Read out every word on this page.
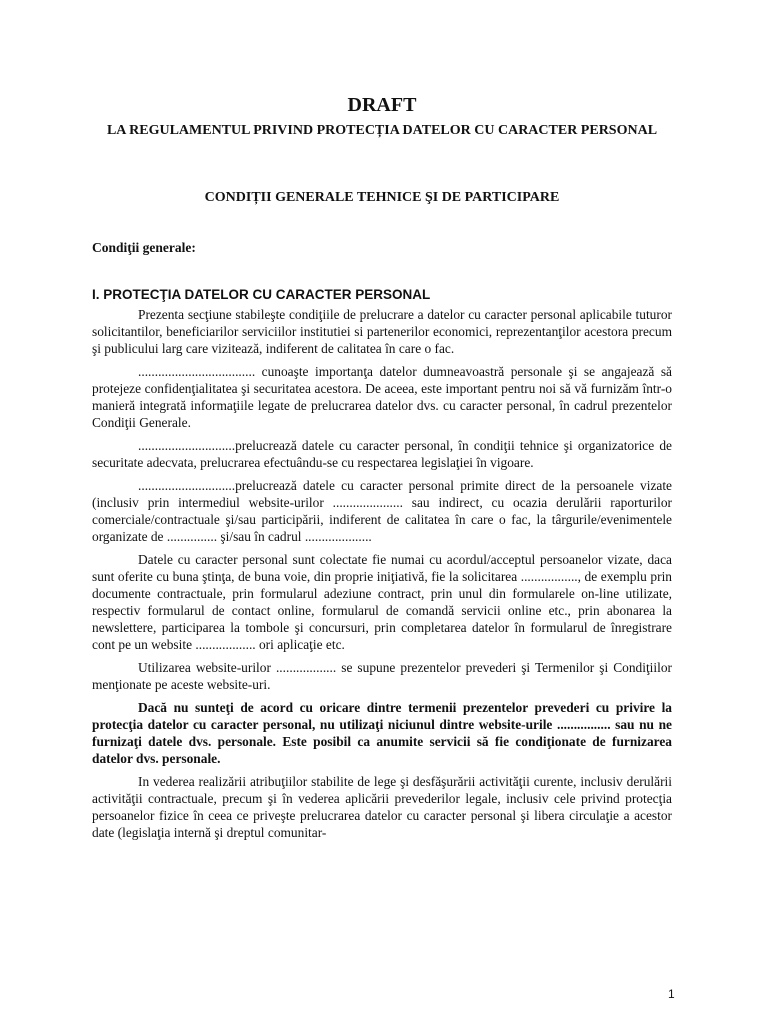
DRAFT
LA REGULAMENTUL PRIVIND PROTECȚIA DATELOR CU CARACTER PERSONAL
CONDIȚII GENERALE TEHNICE ŞI DE PARTICIPARE
Condiţii generale:
I. PROTECŢIA DATELOR CU CARACTER PERSONAL

Prezenta secţiune stabileşte condiţiile de prelucrare a datelor cu caracter personal aplicabile tuturor solicitantilor, beneficiarilor serviciilor institutiei si partenerilor economici, reprezentanţilor acestora precum şi publicului larg care vizitează, indiferent de calitatea în care o fac.

................................... cunoaşte importanţa datelor dumneavoastră personale şi se angajează să protejeze confidenţialitatea şi securitatea acestora. De aceea, este important pentru noi să vă furnizăm într-o manieră integrată informaţiile legate de prelucrarea datelor dvs. cu caracter personal, în cadrul prezentelor Condiţii Generale.

.............................prelucrează datele cu caracter personal, în condiţii tehnice şi organizatorice de securitate adecvata, prelucrarea efectuându-se cu respectarea legislaţiei în vigoare.

.............................prelucrează datele cu caracter personal primite direct de la persoanele vizate (inclusiv prin intermediul website-urilor ..................... sau indirect, cu ocazia derulării raporturilor comerciale/contractuale şi/sau participării, indiferent de calitatea în care o fac, la târgurile/evenimentele organizate de ............... şi/sau în cadrul ....................

Datele cu caracter personal sunt colectate fie numai cu acordul/acceptul persoanelor vizate, daca sunt oferite cu buna ştinţa, de buna voie, din proprie iniţiativă, fie la solicitarea ................., de exemplu prin documente contractuale, prin formularul adeziune contract, prin unul din formularele on-line utilizate, respectiv formularul de contact online, formularul de comandă servicii online etc., prin abonarea la newslettere, participarea la tombole şi concursuri, prin completarea datelor în formularul de înregistrare cont pe un website .................. ori aplicaţie etc.

Utilizarea website-urilor .................. se supune prezentelor prevederi şi Termenilor şi Condiţiilor menţionate pe aceste website-uri.

Dacă nu sunteţi de acord cu oricare dintre termenii prezentelor prevederi cu privire la protecţia datelor cu caracter personal, nu utilizaţi niciunul dintre website-urile ................ sau nu ne furnizaţi datele dvs. personale. Este posibil ca anumite servicii să fie condiţionate de furnizarea datelor dvs. personale.

In vederea realizării atribuţiilor stabilite de lege şi desfăşurării activităţii curente, inclusiv derulării activităţii contractuale, precum şi în vederea aplicării prevederilor legale, inclusiv cele privind protecţia persoanelor fizice în ceea ce priveşte prelucrarea datelor cu caracter personal şi libera circulaţie a acestor date (legislaţia internă şi dreptul comunitar-

1
